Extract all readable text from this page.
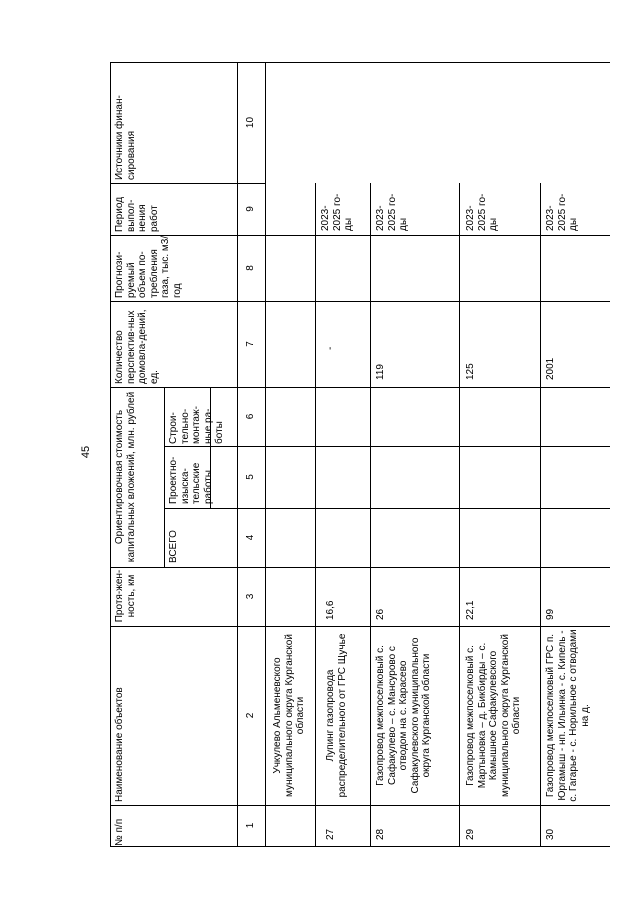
45
№ п/п
Наименование объектов
Протя-жен-ность, км
Ориентировочная стоимость капитальных вложений, млн. рублей	ВСЕГО
Проектно-изыска-тельские работы
Строи-тельно-монтаж-ные ра-боты
Количество перспектив-ных домовла-дений, ед.
Прогнози-руемый объем по-требления газа, тыс. м3/год
Период выпол-нения работ
Источники финан-сирования
1
2
3
4
5
6
7
8
9
10
Учкулево Альменевского муниципального округа Курганской области
27
Лупинг газопровода распределительного от ГРС Щучье
16,6
-
2023-2025 го-ды
28
Газопровод межпоселковый с. Сафакулево – с. Мансурово с отводом на с. Карасево Сафакулевского муниципального округа Курганской области
26
119
2023-2025 го-ды
29
Газопровод межпоселковый с. Мартыновка – д. Бикбирды – с. Камышное Сафакулевского муниципального округа Курганской области
22,1
125
2023-2025 го-ды
30
Газопровод межпоселковый ГРС п. Юргамыш - нп. Ильинка - с. Кипель - с. Гагарье - с. Норильное с отводами на д.
99
2001
2023-2025 го-ды
